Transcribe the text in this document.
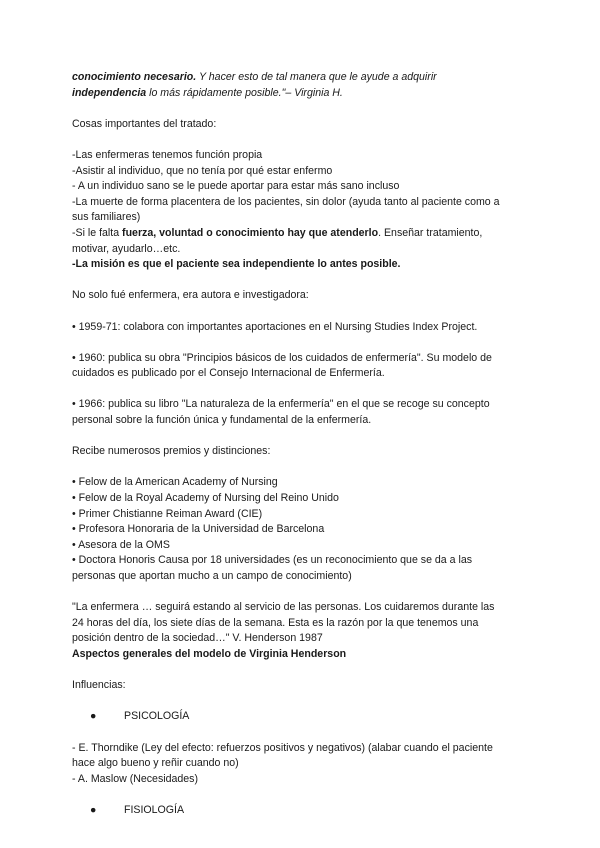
conocimiento necesario. Y hacer esto de tal manera que le ayude a adquirir

independencia lo más rápidamente posible."– Virginia H.

Cosas importantes del tratado:

-Las enfermeras tenemos función propia

-Asistir al individuo, que no tenía por qué estar enfermo

- A un individuo sano se le puede aportar para estar más sano incluso

-La muerte de forma placentera de los pacientes, sin dolor (ayuda tanto al paciente como a

sus familiares)

-Si le falta fuerza, voluntad o conocimiento hay que atenderlo. Enseñar tratamiento,

motivar, ayudarlo…etc.

-La misión es que el paciente sea independiente lo antes posible.

No solo fué enfermera, era autora e investigadora:

• 1959-71: colabora con importantes aportaciones en el Nursing Studies Index Project.

• 1960: publica su obra "Principios básicos de los cuidados de enfermería". Su modelo de

cuidados es publicado por el Consejo Internacional de Enfermería.

• 1966: publica su libro "La naturaleza de la enfermería" en el que se recoge su concepto

personal sobre la función única y fundamental de la enfermería.

Recibe numerosos premios y distinciones:

• Felow de la American Academy of Nursing

• Felow de la Royal Academy of Nursing del Reino Unido

• Primer Chistianne Reiman Award (CIE)

• Profesora Honoraria de la Universidad de Barcelona

• Asesora de la OMS

• Doctora Honoris Causa por 18 universidades (es un reconocimiento que se da a las

personas que aportan mucho a un campo de conocimiento)

"La enfermera … seguirá estando al servicio de las personas. Los cuidaremos durante las

24 horas del día, los siete días de la semana. Esta es la razón por la que tenemos una

posición dentro de la sociedad…" V. Henderson 1987

Aspectos generales del modelo de Virginia Henderson

Influencias:

●	PSICOLOGÍA

- E. Thorndike (Ley del efecto: refuerzos positivos y negativos) (alabar cuando el paciente

hace algo bueno y reñir cuando no)

- A. Maslow (Necesidades)

●	FISIOLOGÍA
